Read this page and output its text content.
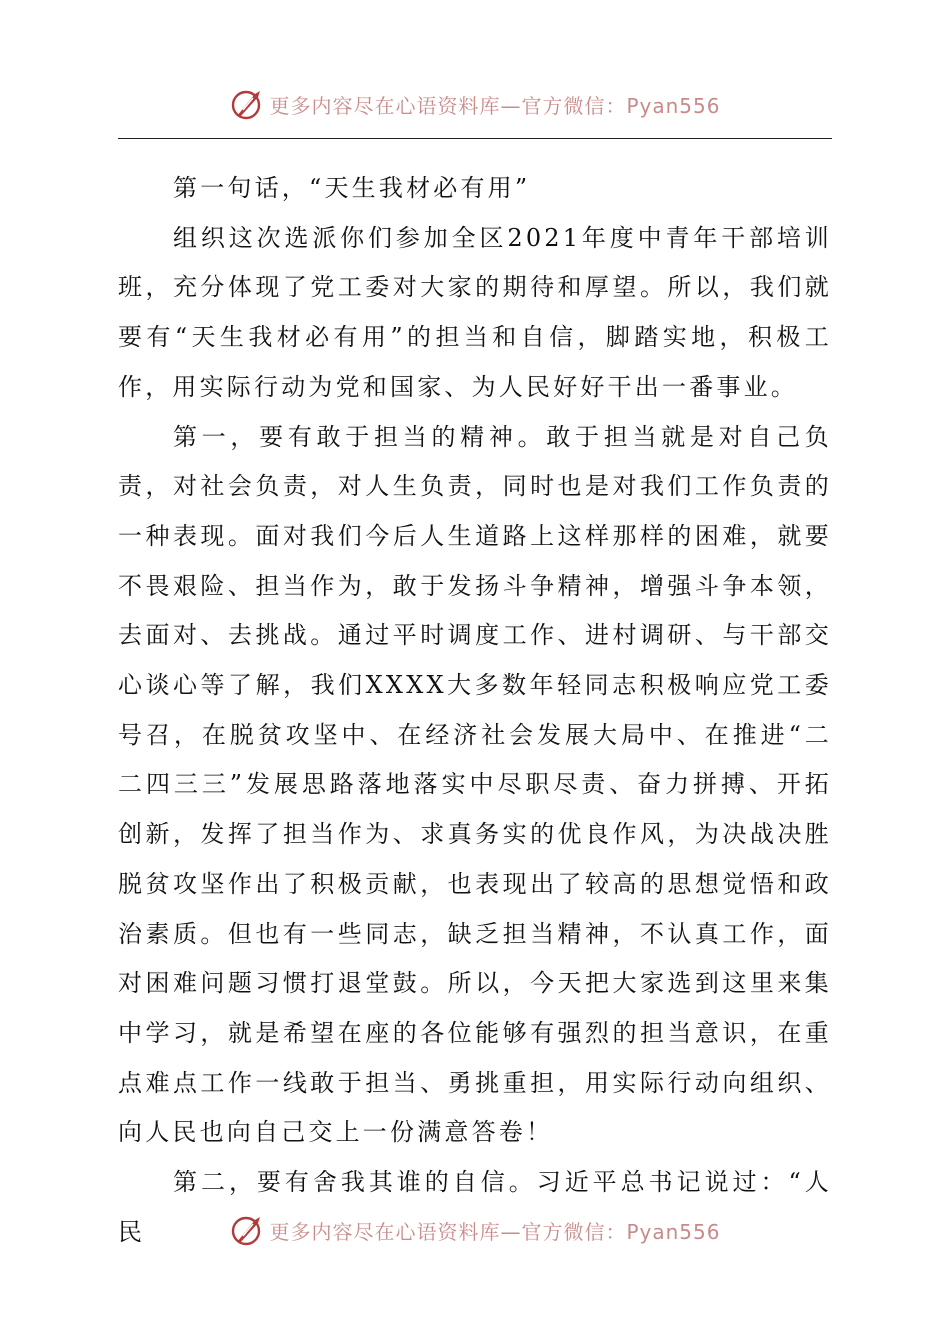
更多内容尽在心语资料库—官方微信：Pyan556

第一句话，“天生我材必有用”

组织这次选派你们参加全区2021年度中青年干部培训班，充分体现了党工委对大家的期待和厚望。所以，我们就要有“天生我材必有用”的担当和自信，脚踏实地，积极工作，用实际行动为党和国家、为人民好好干出一番事业。

第一，要有敢于担当的精神。敢于担当就是对自己负责，对社会负责，对人生负责，同时也是对我们工作负责的一种表现。面对我们今后人生道路上这样那样的困难，就要不畏艰险、担当作为，敢于发扬斗争精神，增强斗争本领，去面对、去挑战。通过平时调度工作、进村调研、与干部交心谈心等了解，我们XXXX大多数年轻同志积极响应党工委号召，在脱贫攻坚中、在经济社会发展大局中、在推进“二二四三三”发展思路落地落实中尽职尽责、奋力拼搏、开拓创新，发挥了担当作为、求真务实的优良作风，为决战决胜脱贫攻坚作出了积极贡献，也表现出了较高的思想觉悟和政治素质。但也有一些同志，缺乏担当精神，不认真工作，面对困难问题习惯打退堂鼓。所以，今天把大家选到这里来集中学习，就是希望在座的各位能够有强烈的担当意识，在重点难点工作一线敢于担当、勇挑重担，用实际行动向组织、向人民也向自己交上一份满意答卷！

第二，要有舍我其谁的自信。习近平总书记说过：“人民	更多内容尽在心语资料库—官方微信：Pyan556
